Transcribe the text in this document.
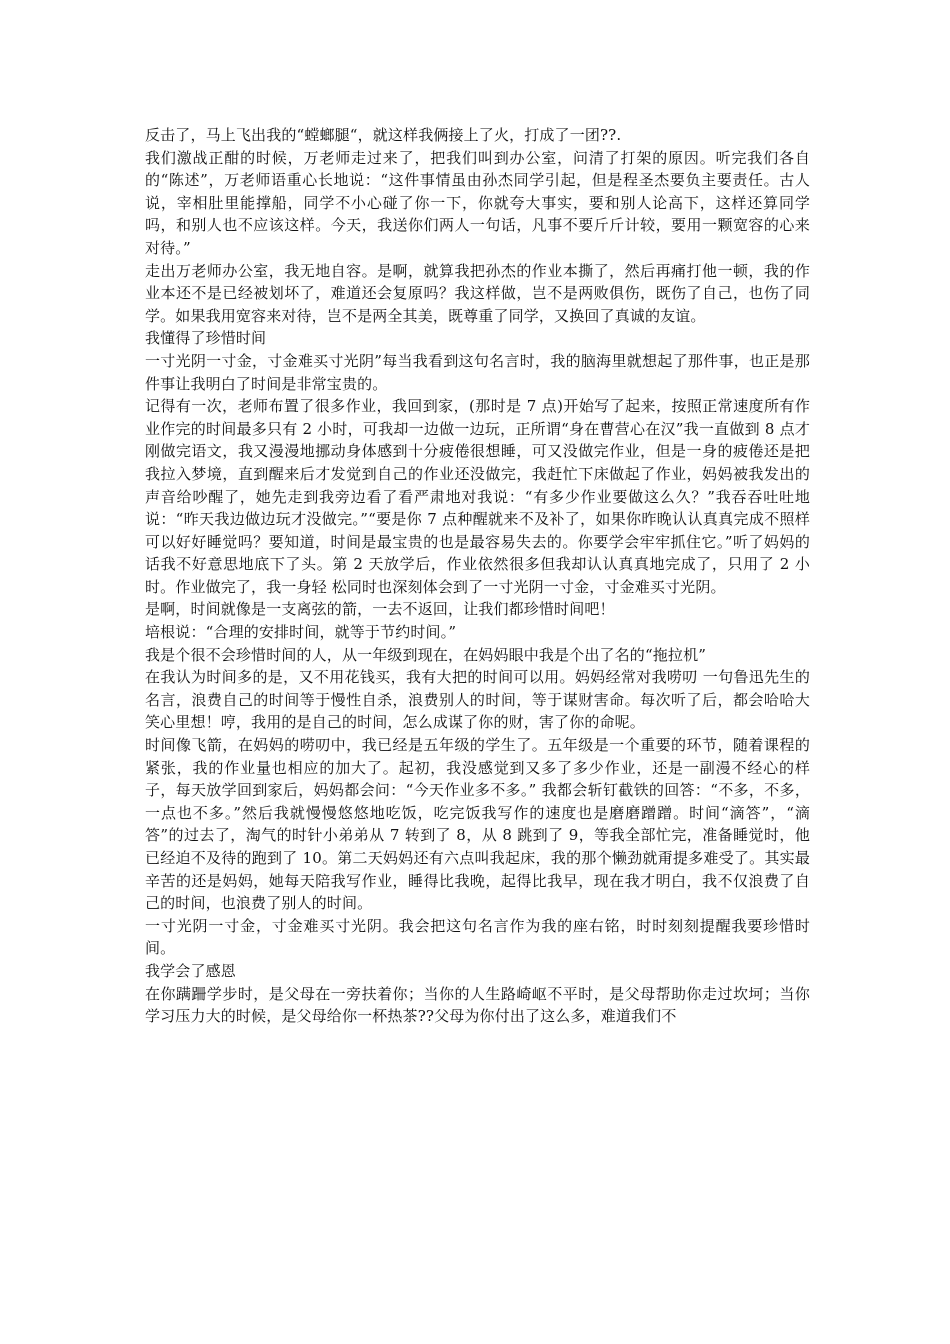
反击了，马上飞出我的“螳螂腿“，就这样我俩接上了火，打成了一团??.

我们激战正酣的时候，万老师走过来了，把我们叫到办公室，问清了打架的原因。听完我们各自的“陈述”，万老师语重心长地说：“这件事情虽由孙杰同学引起，但是程圣杰要负主要责任。古人说，宰相肚里能撑船，同学不小心碰了你一下，你就夸大事实，要和别人论高下，这样还算同学吗，和别人也不应该这样。今天，我送你们两人一句话，凡事不要斤斤计较，要用一颗宽容的心来对待。”

走出万老师办公室，我无地自容。是啊，就算我把孙杰的作业本撕了，然后再痛打他一顿，我的作业本还不是已经被划坏了，难道还会复原吗？我这样做，岂不是两败俱伤，既伤了自己，也伤了同学。如果我用宽容来对待，岂不是两全其美，既尊重了同学，又换回了真诚的友谊。

我懂得了珍惜时间

一寸光阴一寸金，寸金难买寸光阴”每当我看到这句名言时，我的脑海里就想起了那件事，也正是那件事让我明白了时间是非常宝贵的。

记得有一次，老师布置了很多作业，我回到家，(那时是 7 点)开始写了起来，按照正常速度所有作业作完的时间最多只有 2 小时，可我却一边做一边玩，正所谓“身在曹营心在汉”我一直做到 8 点才刚做完语文，我又漫漫地挪动身体感到十分疲倦很想睡，可又没做完作业，但是一身的疲倦还是把我拉入梦境，直到醒来后才发觉到自己的作业还没做完，我赶忙下床做起了作业，妈妈被我发出的声音给吵醒了，她先走到我旁边看了看严肃地对我说：“有多少作业要做这么久？”我吞吞吐吐地 说：“昨天我边做边玩才没做完。”“要是你 7 点种醒就来不及补了，如果你昨晚认认真真完成不照样可以好好睡觉吗？要知道，时间是最宝贵的也是最容易失去的。你要学会牢牢抓住它。”听了妈妈的话我不好意思地底下了头。第 2 天放学后，作业依然很多但我却认认真真地完成了，只用了 2 小时。作业做完了，我一身轻 松同时也深刻体会到了一寸光阴一寸金，寸金难买寸光阴。

是啊，时间就像是一支离弦的箭，一去不返回，让我们都珍惜时间吧！

培根说：“合理的安排时间，就等于节约时间。”

我是个很不会珍惜时间的人，从一年级到现在，在妈妈眼中我是个出了名的“拖拉机”

在我认为时间多的是，又不用花钱买，我有大把的时间可以用。妈妈经常对我唠叨 一句鲁迅先生的名言，浪费自己的时间等于慢性自杀，浪费别人的时间，等于谋财害命。每次听了后，都会哈哈大笑心里想！哼，我用的是自己的时间，怎么成谋了你的财，害了你的命呢。

时间像飞箭，在妈妈的唠叨中，我已经是五年级的学生了。五年级是一个重要的环节，随着课程的紧张，我的作业量也相应的加大了。起初，我没感觉到又多了多少作业，还是一副漫不经心的样子，每天放学回到家后，妈妈都会问：“今天作业多不多。” 我都会斩钉截铁的回答：“不多，不多，一点也不多。”然后我就慢慢悠悠地吃饭，吃完饭我写作的速度也是磨磨蹭蹭。时间“滴答”，“滴答”的过去了，淘气的时针小弟弟从 7 转到了 8，从 8 跳到了 9，等我全部忙完，准备睡觉时，他已经迫不及待的跑到了 10。第二天妈妈还有六点叫我起床，我的那个懒劲就甭提多难受了。其实最辛苦的还是妈妈，她每天陪我写作业，睡得比我晚，起得比我早，现在我才明白，我不仅浪费了自己的时间，也浪费了别人的时间。

一寸光阴一寸金，寸金难买寸光阴。我会把这句名言作为我的座右铭，时时刻刻提醒我要珍惜时间。

我学会了感恩

在你蹒跚学步时，是父母在一旁扶着你；当你的人生路崎岖不平时，是父母帮助你走过坎坷；当你学习压力大的时候，是父母给你一杯热茶??父母为你付出了这么多，难道我们不
